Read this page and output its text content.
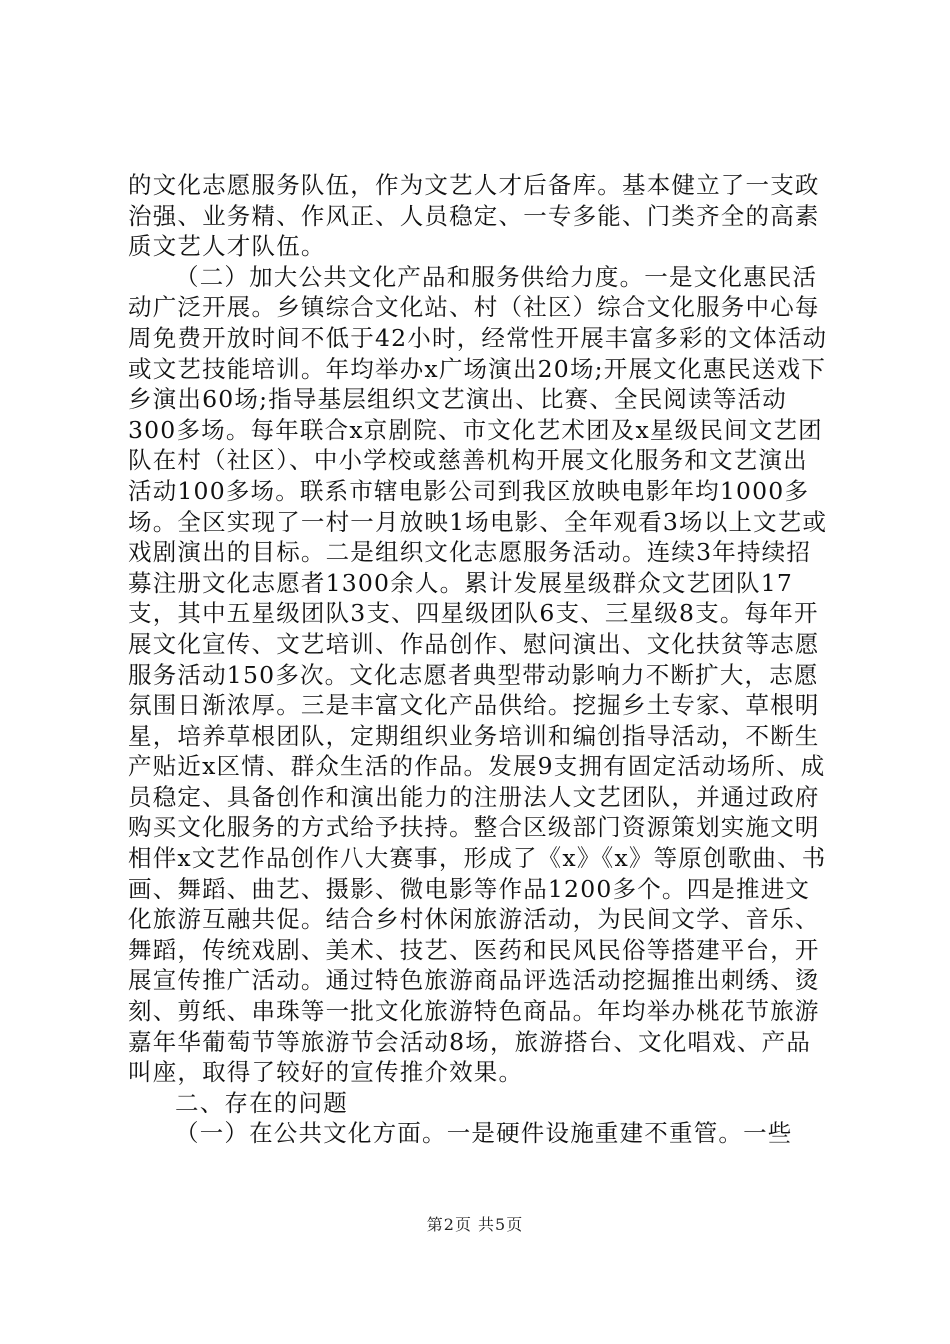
的文化志愿服务队伍，作为文艺人才后备库。基本健立了一支政治强、业务精、作风正、人员稳定、一专多能、门类齐全的高素质文艺人才队伍。

（二）加大公共文化产品和服务供给力度。一是文化惠民活动广泛开展。乡镇综合文化站、村（社区）综合文化服务中心每周免费开放时间不低于42小时，经常性开展丰富多彩的文体活动或文艺技能培训。年均举办x广场演出20场;开展文化惠民送戏下乡演出60场;指导基层组织文艺演出、比赛、全民阅读等活动300多场。每年联合x京剧院、市文化艺术团及x星级民间文艺团队在村（社区）、中小学校或慈善机构开展文化服务和文艺演出活动100多场。联系市辖电影公司到我区放映电影年均1000多场。全区实现了一村一月放映1场电影、全年观看3场以上文艺或戏剧演出的目标。二是组织文化志愿服务活动。连续3年持续招募注册文化志愿者1300余人。累计发展星级群众文艺团队17支，其中五星级团队3支、四星级团队6支、三星级8支。每年开展文化宣传、文艺培训、作品创作、慰问演出、文化扶贫等志愿服务活动150多次。文化志愿者典型带动影响力不断扩大，志愿氛围日渐浓厚。三是丰富文化产品供给。挖掘乡土专家、草根明星，培养草根团队，定期组织业务培训和编创指导活动，不断生产贴近x区情、群众生活的作品。发展9支拥有固定活动场所、成员稳定、具备创作和演出能力的注册法人文艺团队，并通过政府购买文化服务的方式给予扶持。整合区级部门资源策划实施文明相伴x文艺作品创作八大赛事，形成了《x》《x》等原创歌曲、书画、舞蹈、曲艺、摄影、微电影等作品1200多个。四是推进文化旅游互融共促。结合乡村休闲旅游活动，为民间文学、音乐、舞蹈，传统戏剧、美术、技艺、医药和民风民俗等搭建平台，开展宣传推广活动。通过特色旅游商品评选活动挖掘推出刺绣、烫刻、剪纸、串珠等一批文化旅游特色商品。年均举办桃花节旅游嘉年华葡萄节等旅游节会活动8场，旅游搭台、文化唱戏、产品叫座，取得了较好的宣传推介效果。

二、存在的问题

（一）在公共文化方面。一是硬件设施重建不重管。一些

第2页 共5页
